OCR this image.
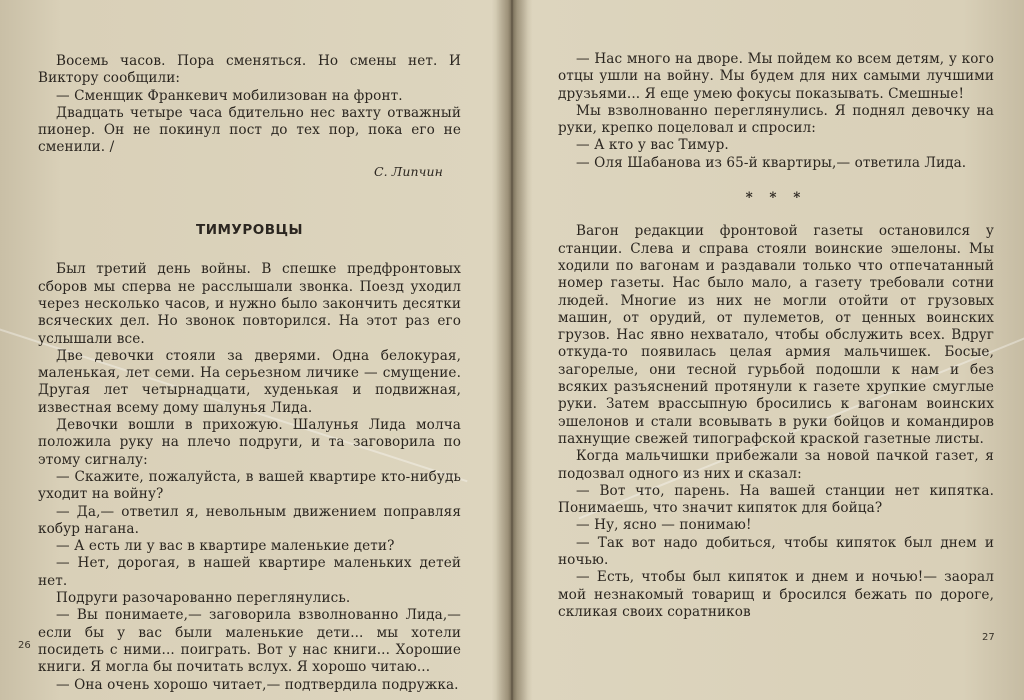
Восемь часов. Пора сменяться. Но смены нет. И Виктору сообщили:

— Сменщик Франкевич мобилизован на фронт.

Двадцать четыре часа бдительно нес вахту отважный пионер. Он не покинул пост до тех пор, пока его не сменили. /

С. Липчин

ТИМУРОВЦЫ

Был третий день войны. В спешке предфронтовых сборов мы сперва не расслышали звонка. Поезд уходил через несколько часов, и нужно было закончить десятки всяческих дел. Но звонок повторился. На этот раз его услышали все.

Две девочки стояли за дверями. Одна белокурая, маленькая, лет семи. На серьезном личике — смущение. Другая лет четырнадцати, худенькая и подвижная, известная всему дому шалунья Лида.

Девочки вошли в прихожую. Шалунья Лида молча положила руку на плечо подруги, и та заговорила по этому сигналу:

— Скажите, пожалуйста, в вашей квартире кто-нибудь уходит на войну?

— Да,— ответил я, невольным движением поправляя кобур нагана.

— А есть ли у вас в квартире маленькие дети?

— Нет, дорогая, в нашей квартире маленьких детей нет.

Подруги разочарованно переглянулись.

— Вы понимаете,— заговорила взволнованно Лида,— если бы у вас были маленькие дети... мы хотели посидеть с ними... поиграть. Вот у нас книги... Хорошие книги. Я могла бы почитать вслух. Я хорошо читаю...

— Она очень хорошо читает,— подтвердила подружка.

26

— Нас много на дворе. Мы пойдем ко всем детям, у кого отцы ушли на войну. Мы будем для них самыми лучшими друзьями... Я еще умею фокусы показывать. Смешные!

Мы взволнованно переглянулись. Я поднял девочку на руки, крепко поцеловал и спросил:

— А кто у вас Тимур.

— Оля Шабанова из 65-й квартиры,— ответила Лида.

* * *

Вагон редакции фронтовой газеты остановился у станции. Слева и справа стояли воинские эшелоны. Мы ходили по вагонам и раздавали только что отпечатанный номер газеты. Нас было мало, а газету требовали сотни людей. Многие из них не могли отойти от грузовых машин, от орудий, от пулеметов, от ценных воинских грузов. Нас явно нехватало, чтобы обслужить всех. Вдруг откуда-то появилась целая армия мальчишек. Босые, загорелые, они тесной гурьбой подошли к нам и без всяких разъяснений протянули к газете хрупкие смуглые руки. Затем врассыпную бросились к вагонам воинских эшелонов и стали всовывать в руки бойцов и командиров пахнущие свежей типографской краской газетные листы.

Когда мальчишки прибежали за новой пачкой газет, я подозвал одного из них и сказал:

— Вот что, парень. На вашей станции нет кипятка. Понимаешь, что значит кипяток для бойца?

— Ну, ясно — понимаю!

— Так вот надо добиться, чтобы кипяток был днем и ночью.

— Есть, чтобы был кипяток и днем и ночью!— заорал мой незнакомый товарищ и бросился бежать по дороге, скликая своих соратников

27
